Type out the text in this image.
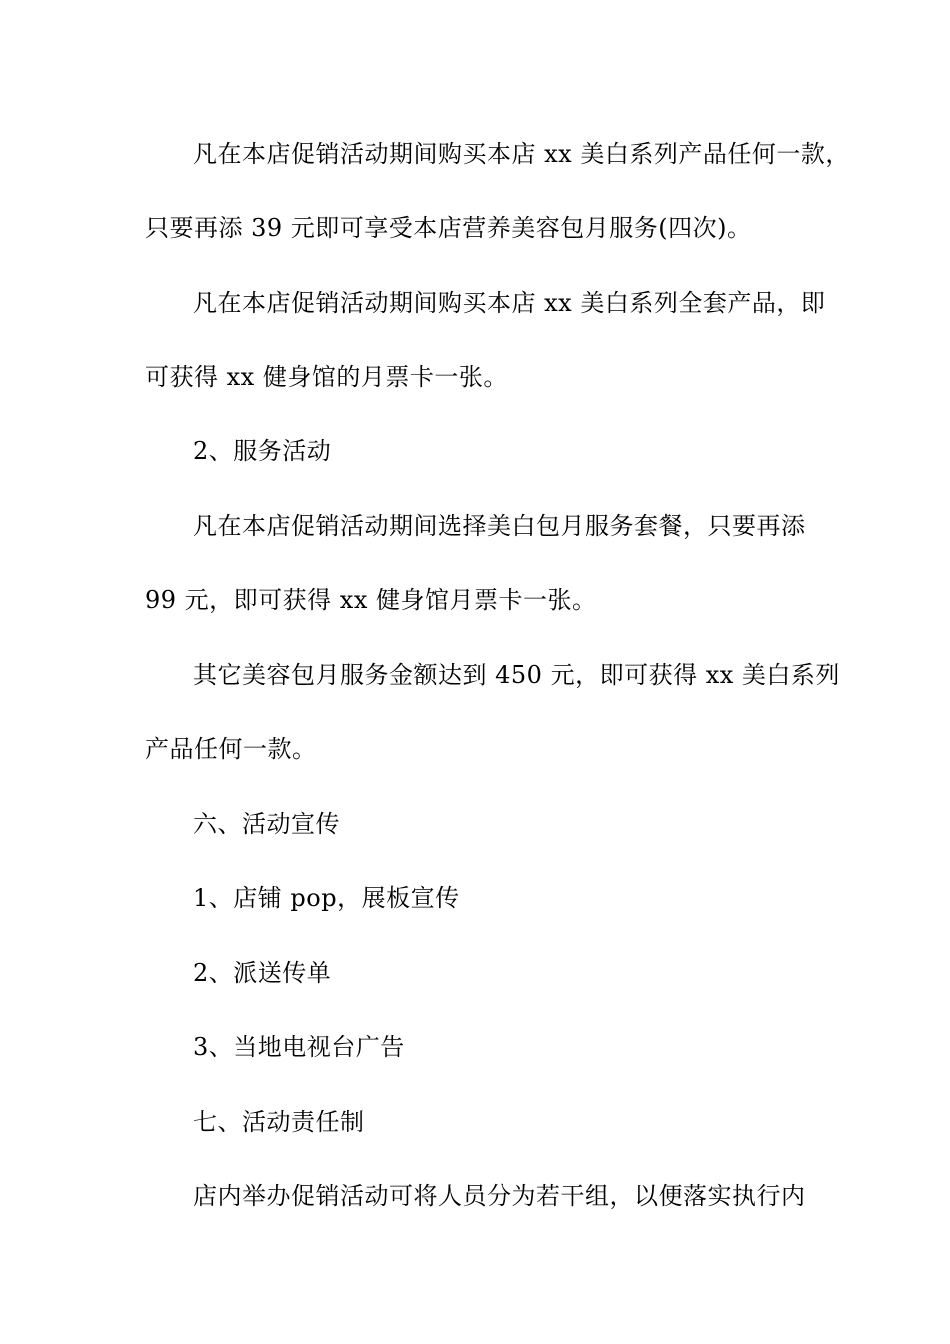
凡在本店促销活动期间购买本店 xx 美白系列产品任何一款，
只要再添 39 元即可享受本店营养美容包月服务(四次)。
凡在本店促销活动期间购买本店 xx 美白系列全套产品，即
可获得 xx 健身馆的月票卡一张。
2、服务活动
凡在本店促销活动期间选择美白包月服务套餐，只要再添
99 元，即可获得 xx 健身馆月票卡一张。
其它美容包月服务金额达到 450 元，即可获得 xx 美白系列
产品任何一款。
六、活动宣传
1、店铺 pop，展板宣传
2、派送传单
3、当地电视台广告
七、活动责任制
店内举办促销活动可将人员分为若干组，以便落实执行内
